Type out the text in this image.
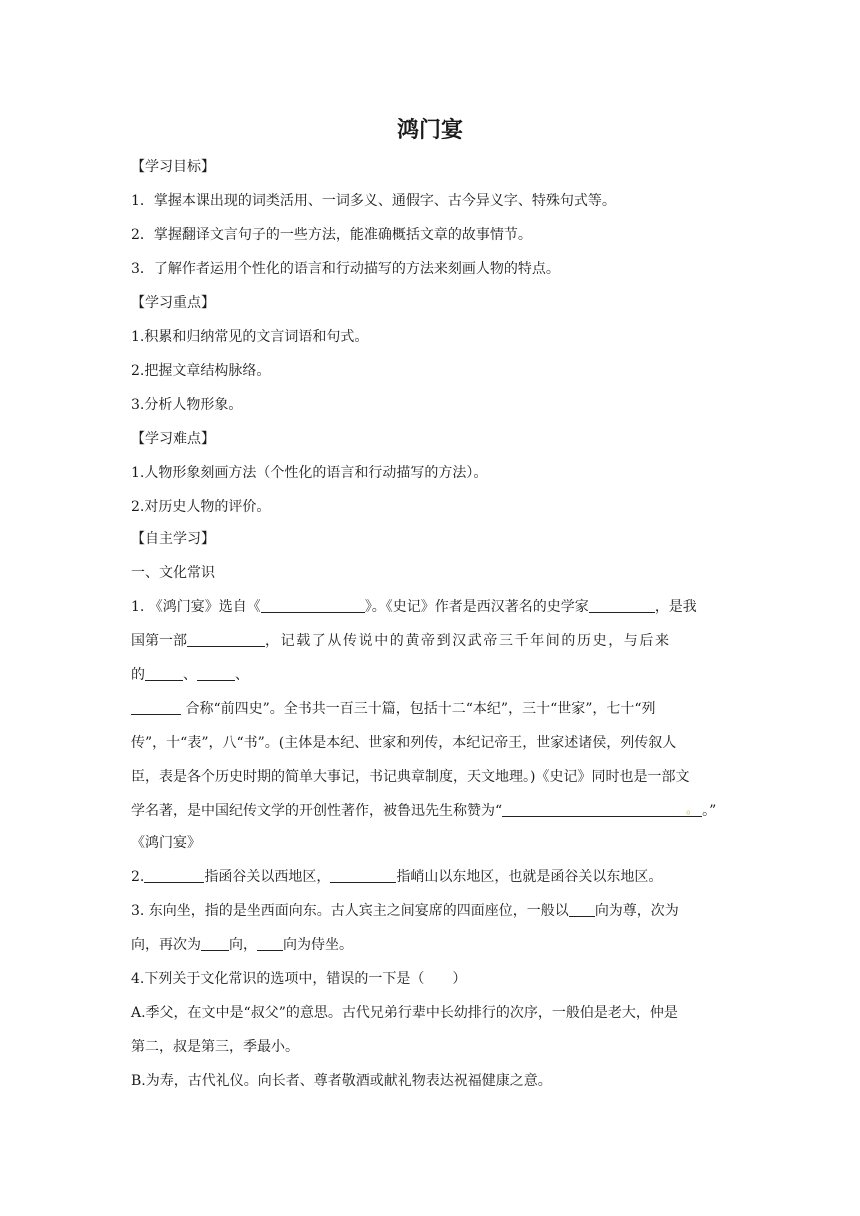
鸿门宴
【学习目标】
1．掌握本课出现的词类活用、一词多义、通假字、古今异义字、特殊句式等。
2．掌握翻译文言句子的一些方法，能准确概括文章的故事情节。
3．了解作者运用个性化的语言和行动描写的方法来刻画人物的特点。
【学习重点】
1.积累和归纳常见的文言词语和句式。
2.把握文章结构脉络。
3.分析人物形象。
【学习难点】
1.人物形象刻画方法（个性化的语言和行动描写的方法）。
2.对历史人物的评价。
【自主学习】
一、文化常识
1. 《鸿门宴》选自《	》。《史记》作者是西汉著名的史学家	，是我
国第一部	，记载了从传说中的黄帝到汉武帝三千年间的历史，与后来
的	、	、
合称“前四史”。全书共一百三十篇，包括十二“本纪”，三十“世家”，七十“列
传”，十“表”，八“书”。(主体是本纪、世家和列传，本纪记帝王，世家述诸侯，列传叙人
臣，表是各个历史时期的简单大事记，书记典章制度，天文地理。)《史记》同时也是一部文
学名著，是中国纪传文学的开创性著作，被鲁迅先生称赞为“	。 。”
《鸿门宴》
2.	指函谷关以西地区，	指峭山以东地区，也就是函谷关以东地区。
3. 东向坐，指的是坐西面向东。古人宾主之间宴席的四面座位，一般以 向为尊，次为
向，再次为 向， 向为侍坐。
4.下列关于文化常识的选项中，错误的一下是（　　）
A.季父，在文中是“叔父”的意思。古代兄弟行辈中长幼排行的次序，一般伯是老大，仲是
第二，叔是第三，季最小。
B.为寿，古代礼仪。向长者、尊者敬酒或献礼物表达祝福健康之意。
